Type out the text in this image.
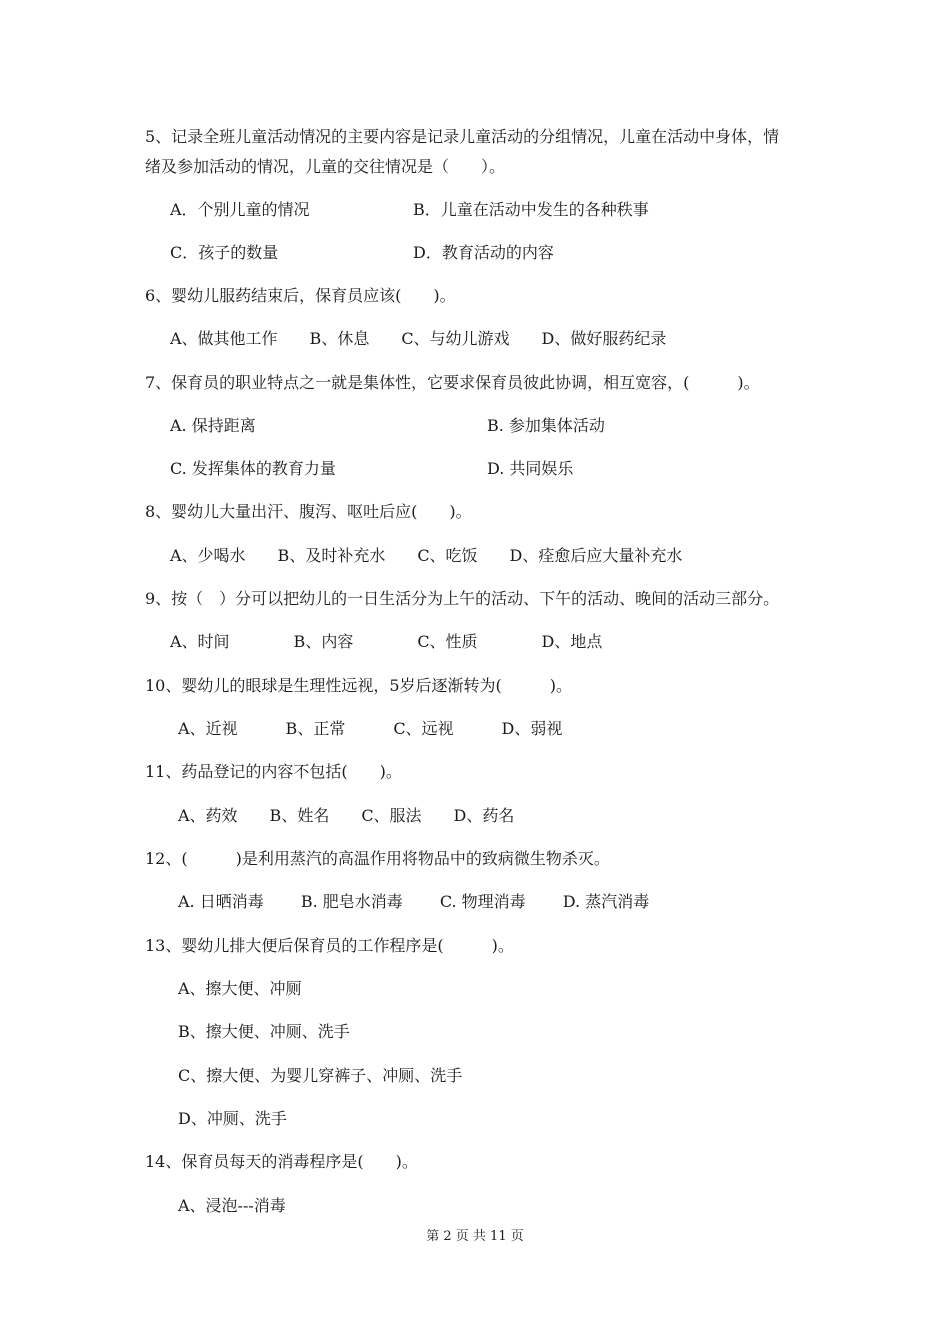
5、记录全班儿童活动情况的主要内容是记录儿童活动的分组情况，儿童在活动中身体，情
绪及参加活动的情况，儿童的交往情况是（　　）。
A．个别儿童的情况	B．儿童在活动中发生的各种秩事
C．孩子的数量	D．教育活动的内容
6、婴幼儿服药结束后，保育员应该(　　)。
A、做其他工作　　B、休息　　C、与幼儿游戏　　D、做好服药纪录
7、保育员的职业特点之一就是集体性，它要求保育员彼此协调，相互宽容，(　　　)。
A. 保持距离	B. 参加集体活动
C. 发挥集体的教育力量	D. 共同娱乐
8、婴幼儿大量出汗、腹泻、呕吐后应(　　)。
A、少喝水　　B、及时补充水　　C、吃饭　　D、痊愈后应大量补充水
9、按（　）分可以把幼儿的一日生活分为上午的活动、下午的活动、晚间的活动三部分。
A、时间　　　　B、内容　　　　C、性质　　　　D、地点
10、婴幼儿的眼球是生理性远视，5岁后逐渐转为(　　　)。
A、近视　　　B、正常　　　C、远视　　　D、弱视
11、药品登记的内容不包括(　　)。
A、药效　　B、姓名　　C、服法　　D、药名
12、(　　　)是利用蒸汽的高温作用将物品中的致病微生物杀灭。
A. 日晒消毒　　 B. 肥皂水消毒　　 C. 物理消毒　　 D. 蒸汽消毒
13、婴幼儿排大便后保育员的工作程序是(　　　)。
A、擦大便、冲厕
B、擦大便、冲厕、洗手
C、擦大便、为婴儿穿裤子、冲厕、洗手
D、冲厕、洗手
14、保育员每天的消毒程序是(　　)。
A、浸泡---消毒
第 2 页 共 11 页
